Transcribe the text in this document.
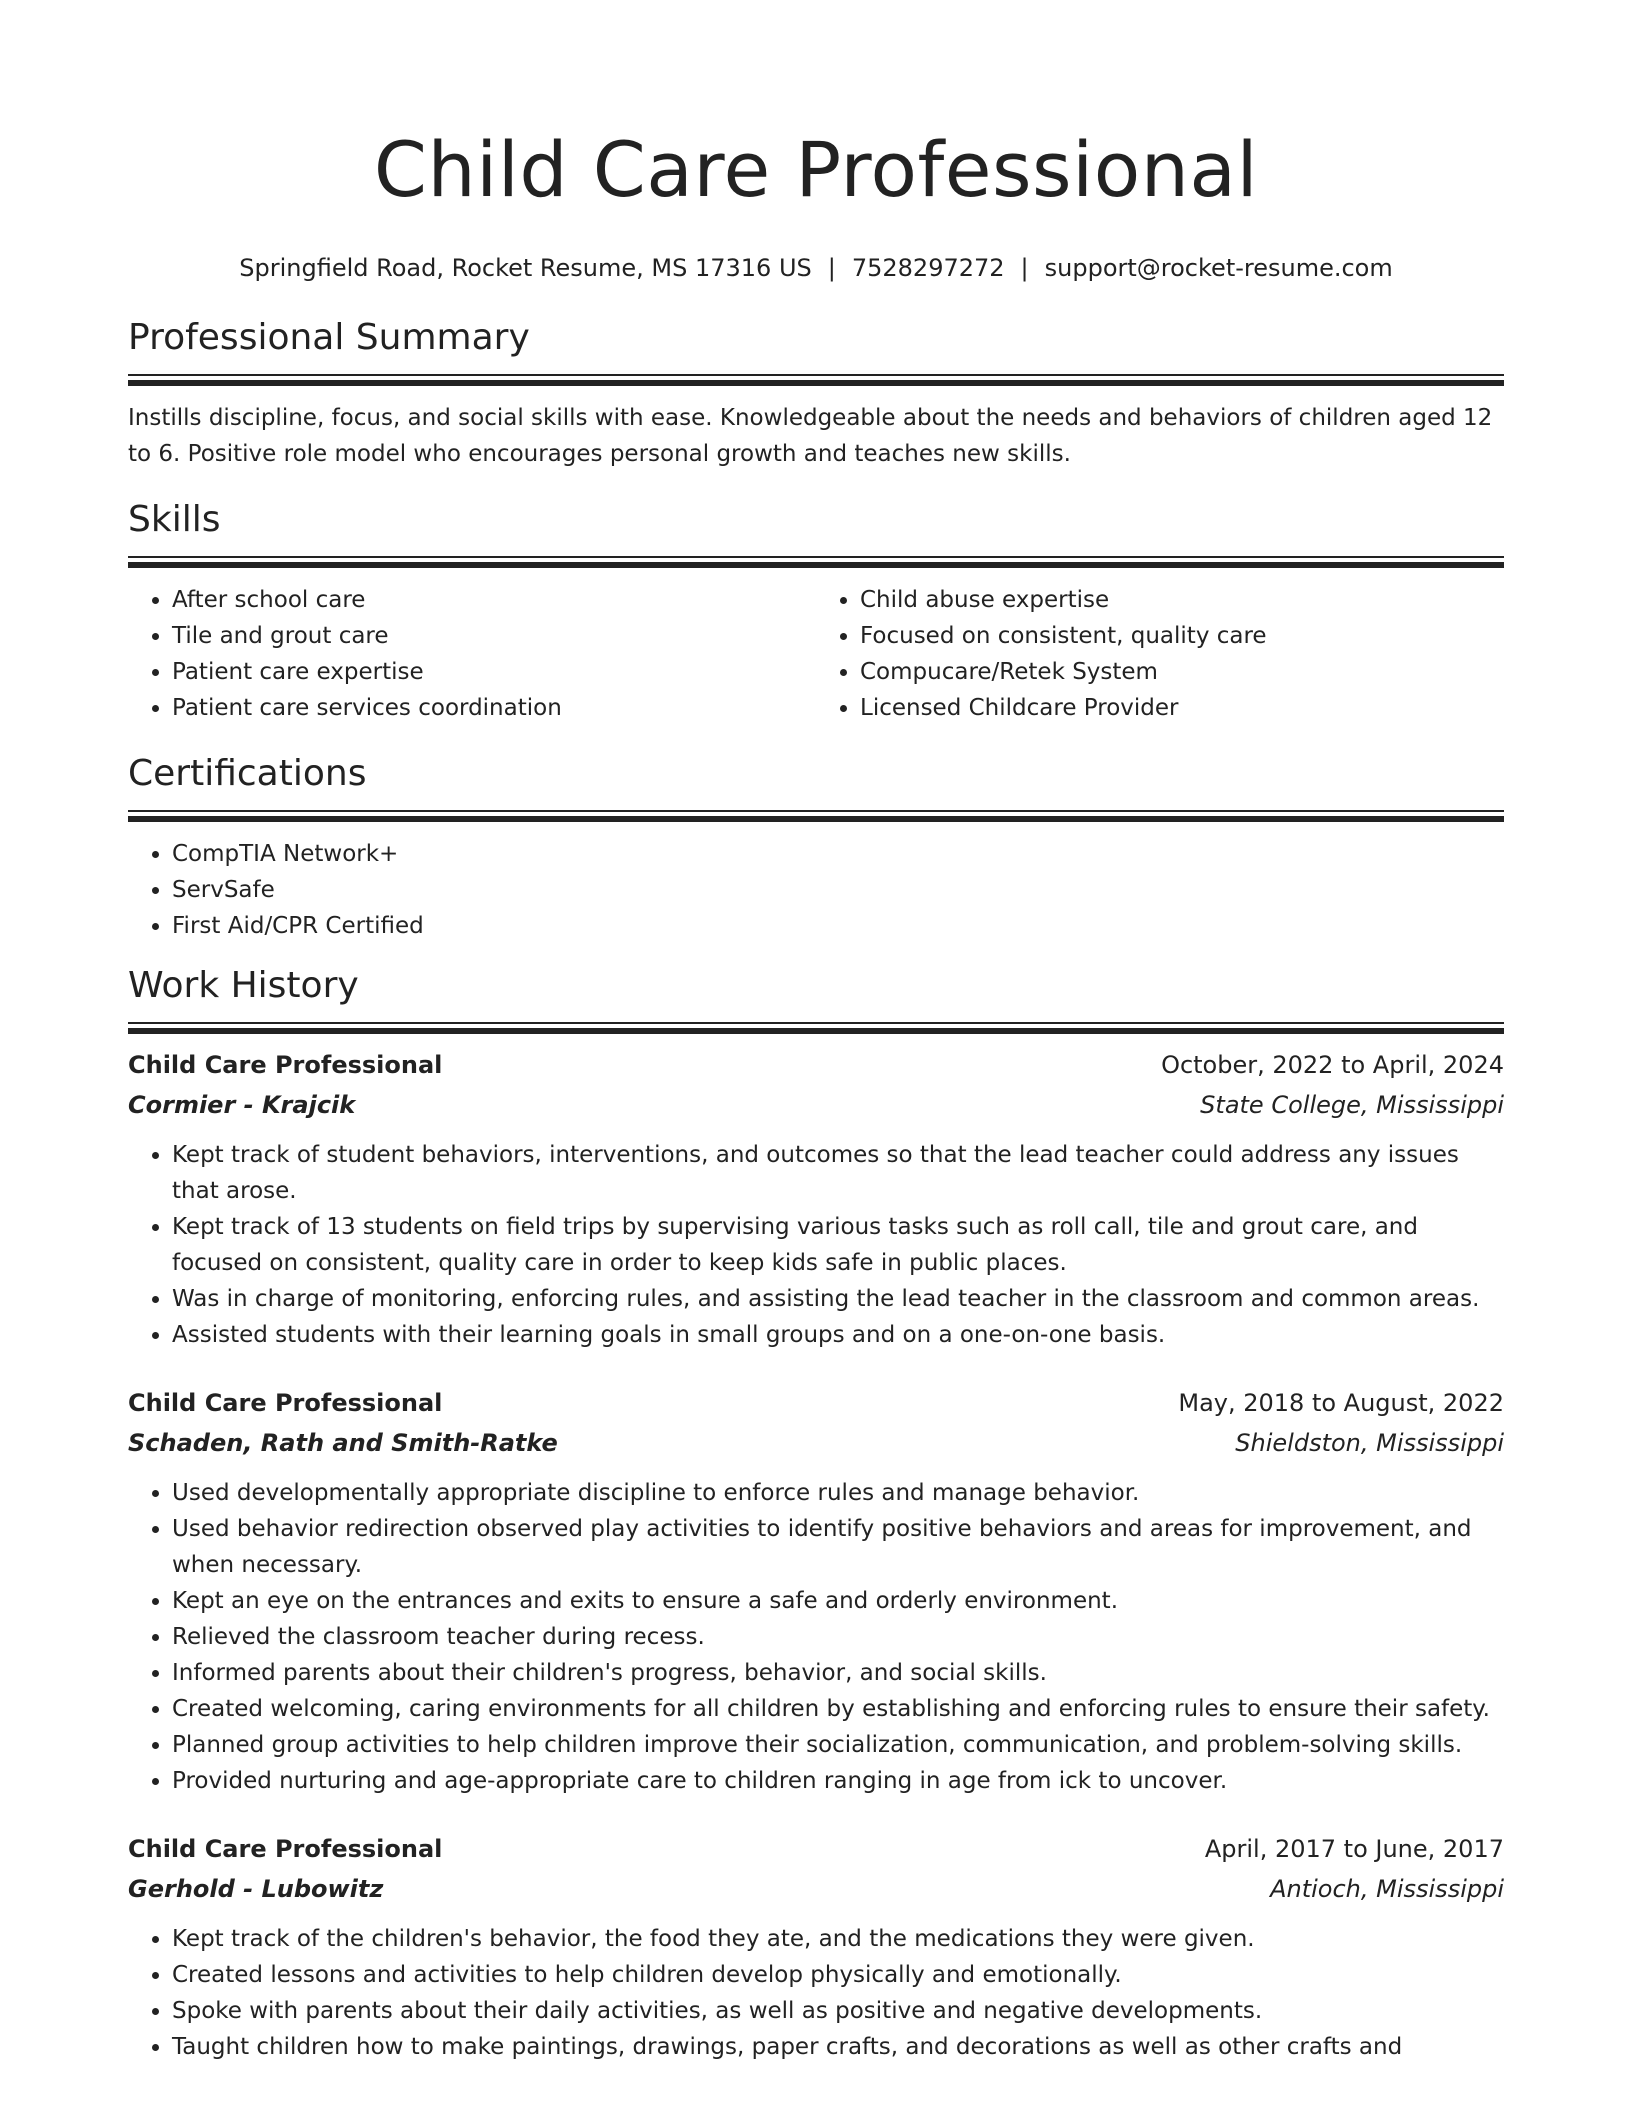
Child Care Professional
Springfield Road, Rocket Resume, MS 17316 US | 7528297272 | support@rocket-resume.com
Professional Summary
Instills discipline, focus, and social skills with ease. Knowledgeable about the needs and behaviors of children aged 12 to 6. Positive role model who encourages personal growth and teaches new skills.
Skills
• After school care
• Tile and grout care
• Patient care expertise
• Patient care services coordination
• Child abuse expertise
• Focused on consistent, quality care
• Compucare/Retek System
• Licensed Childcare Provider
Certifications
• CompTIA Network+
• ServSafe
• First Aid/CPR Certified
Work History
Child Care Professional	October, 2022 to April, 2024
Cormier - Krajcik	State College, Mississippi
• Kept track of student behaviors, interventions, and outcomes so that the lead teacher could address any issues that arose.
• Kept track of 13 students on field trips by supervising various tasks such as roll call, tile and grout care, and focused on consistent, quality care in order to keep kids safe in public places.
• Was in charge of monitoring, enforcing rules, and assisting the lead teacher in the classroom and common areas.
• Assisted students with their learning goals in small groups and on a one-on-one basis.
Child Care Professional	May, 2018 to August, 2022
Schaden, Rath and Smith-Ratke	Shieldston, Mississippi
• Used developmentally appropriate discipline to enforce rules and manage behavior.
• Used behavior redirection observed play activities to identify positive behaviors and areas for improvement, and when necessary.
• Kept an eye on the entrances and exits to ensure a safe and orderly environment.
• Relieved the classroom teacher during recess.
• Informed parents about their children's progress, behavior, and social skills.
• Created welcoming, caring environments for all children by establishing and enforcing rules to ensure their safety.
• Planned group activities to help children improve their socialization, communication, and problem-solving skills.
• Provided nurturing and age-appropriate care to children ranging in age from ick to uncover.
Child Care Professional	April, 2017 to June, 2017
Gerhold - Lubowitz	Antioch, Mississippi
• Kept track of the children's behavior, the food they ate, and the medications they were given.
• Created lessons and activities to help children develop physically and emotionally.
• Spoke with parents about their daily activities, as well as positive and negative developments.
• Taught children how to make paintings, drawings, paper crafts, and decorations as well as other crafts and
